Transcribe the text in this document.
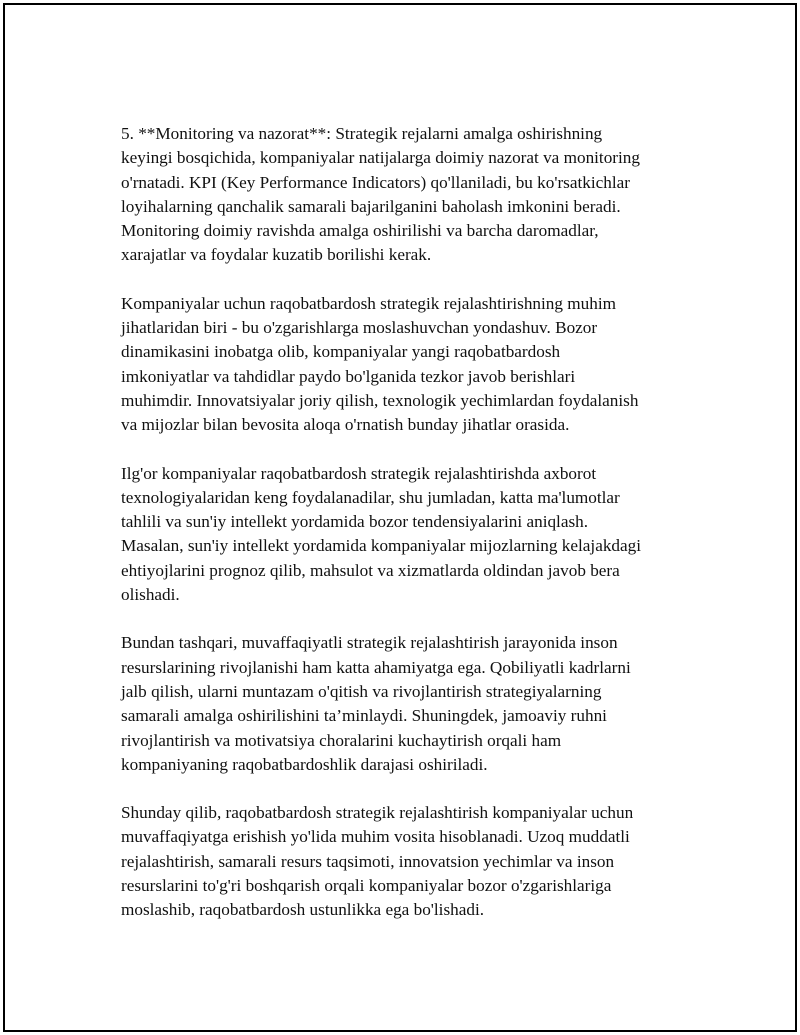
5. **Monitoring va nazorat**: Strategik rejalarni amalga oshirishning
keyingi bosqichida, kompaniyalar natijalarga doimiy nazorat va monitoring
o'rnatadi. KPI (Key Performance Indicators) qo'llaniladi, bu ko'rsatkichlar
loyihalarning qanchalik samarali bajarilganini baholash imkonini beradi.
Monitoring doimiy ravishda amalga oshirilishi va barcha daromadlar,
xarajatlar va foydalar kuzatib borilishi kerak.

Kompaniyalar uchun raqobatbardosh strategik rejalashtirishning muhim
jihatlaridan biri - bu o'zgarishlarga moslashuvchan yondashuv. Bozor
dinamikasini inobatga olib, kompaniyalar yangi raqobatbardosh
imkoniyatlar va tahdidlar paydo bo'lganida tezkor javob berishlari
muhimdir. Innovatsiyalar joriy qilish, texnologik yechimlardan foydalanish
va mijozlar bilan bevosita aloqa o'rnatish bunday jihatlar orasida.

Ilg'or kompaniyalar raqobatbardosh strategik rejalashtirishda axborot
texnologiyalaridan keng foydalanadilar, shu jumladan, katta ma'lumotlar
tahlili va sun'iy intellekt yordamida bozor tendensiyalarini aniqlash.
Masalan, sun'iy intellekt yordamida kompaniyalar mijozlarning kelajakdagi
ehtiyojlarini prognoz qilib, mahsulot va xizmatlarda oldindan javob bera
olishadi.

Bundan tashqari, muvaffaqiyatli strategik rejalashtirish jarayonida inson
resurslarining rivojlanishi ham katta ahamiyatga ega. Qobiliyatli kadrlarni
jalb qilish, ularni muntazam o'qitish va rivojlantirish strategiyalarning
samarali amalga oshirilishini ta’minlaydi. Shuningdek, jamoaviy ruhni
rivojlantirish va motivatsiya choralarini kuchaytirish orqali ham
kompaniyaning raqobatbardoshlik darajasi oshiriladi.

Shunday qilib, raqobatbardosh strategik rejalashtirish kompaniyalar uchun
muvaffaqiyatga erishish yo'lida muhim vosita hisoblanadi. Uzoq muddatli
rejalashtirish, samarali resurs taqsimoti, innovatsion yechimlar va inson
resurslarini to'g'ri boshqarish orqali kompaniyalar bozor o'zgarishlariga
moslashib, raqobatbardosh ustunlikka ega bo'lishadi.
